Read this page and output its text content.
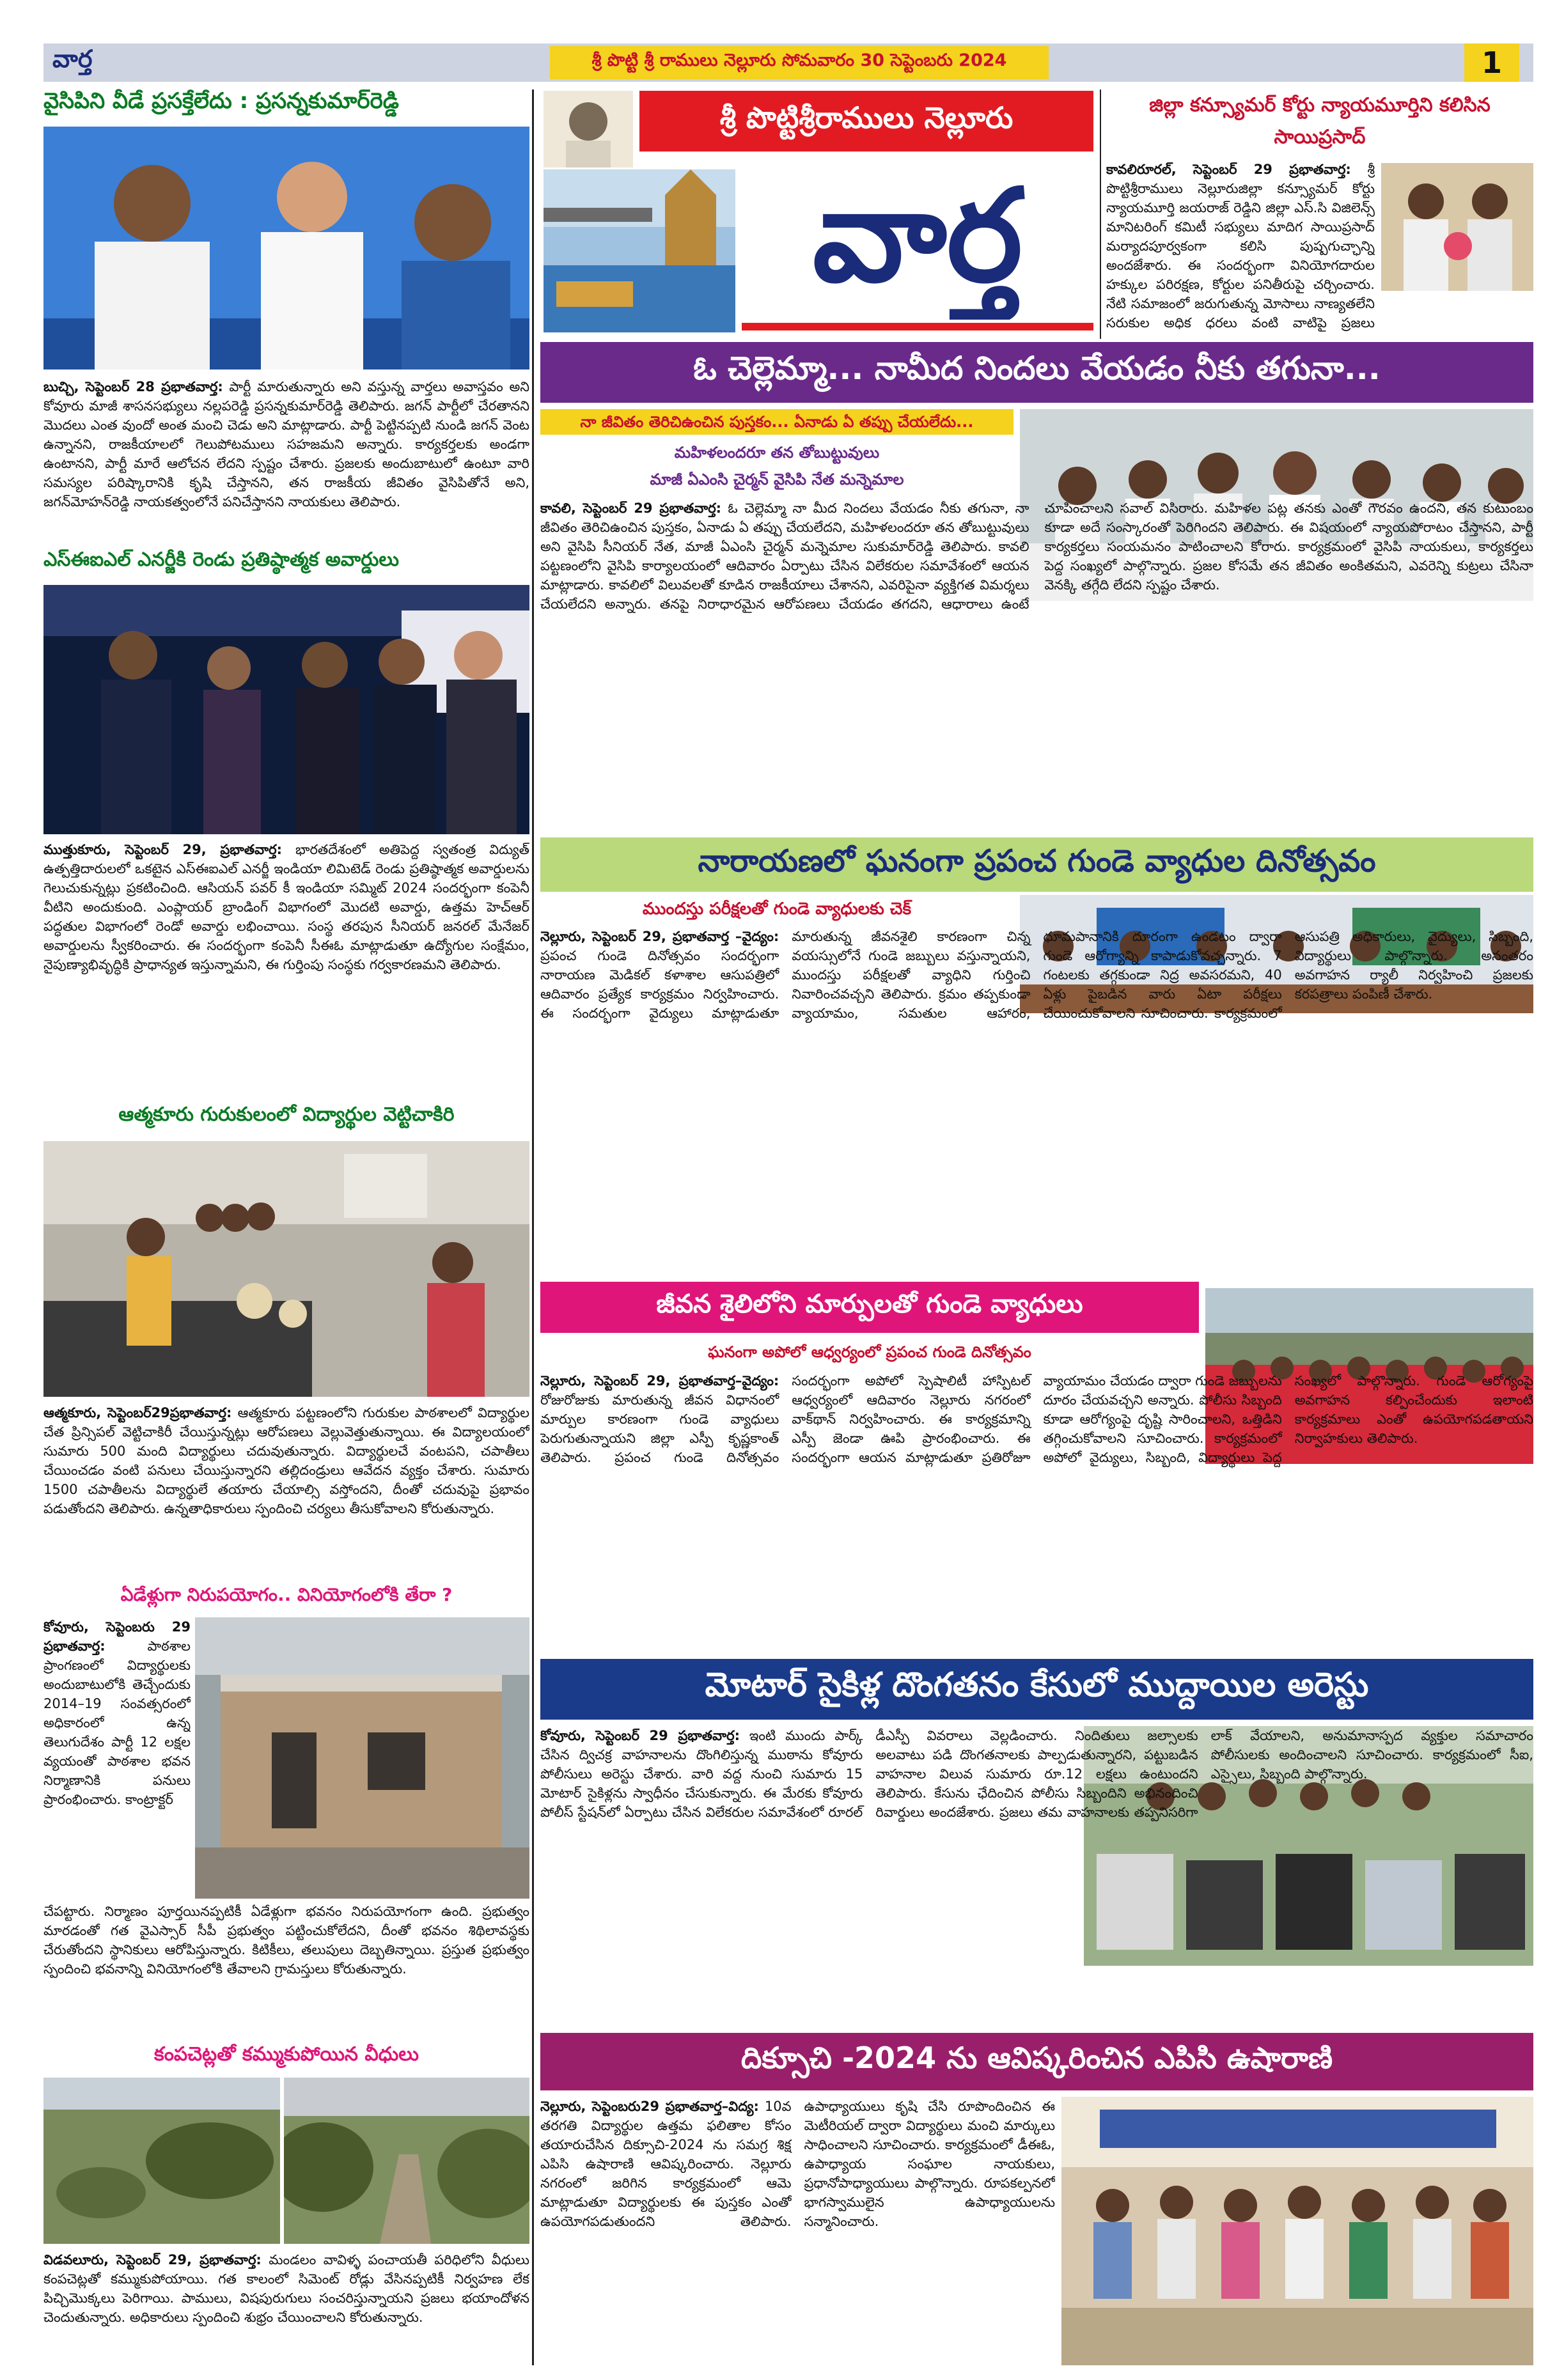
వార్త	శ్రీ పొట్టి శ్రీ రాములు నెల్లూరు సోమవారం 30 సెప్టెంబరు 2024	1
వైసిపిని వీడే ప్రసక్తేలేదు : ప్రసన్నకుమార్‌రెడ్డి
బుచ్చి, సెప్టెంబర్ 28 ప్రభాతవార్త: పార్టీ మారుతున్నారు అని వస్తున్న వార్తలు అవాస్తవం అని కోవూరు మాజీ శాసనసభ్యులు నల్లపరెడ్డి ప్రసన్నకుమార్‌రెడ్డి తెలిపారు. జగన్ పార్టీలో చేరతానని మొదలు ఎంత వుందో అంత మంచి చెడు అని మాట్లాడారు. పార్టీ పెట్టినప్పటి నుండి జగన్‌ వెంట ఉన్నానని, రాజకీయాలలో గెలుపోటములు సహజమని అన్నారు. కార్యకర్తలకు అండగా ఉంటానని, పార్టీ మారే ఆలోచన లేదని స్పష్టం చేశారు. ప్రజలకు అందుబాటులో ఉంటూ వారి సమస్యల పరిష్కారానికి కృషి చేస్తానని, తన రాజకీయ జీవితం వైసిపితోనే అని, జగన్‌మోహన్‌రెడ్డి నాయకత్వంలోనే పనిచేస్తానని నాయకులు తెలిపారు.
ఎస్‌ఈఐఎల్ ఎనర్జీకి రెండు ప్రతిష్ఠాత్మక అవార్డులు
ముత్తుకూరు, సెప్టెంబర్ 29, ప్రభాతవార్త: భారతదేశంలో అతిపెద్ద స్వతంత్ర విద్యుత్ ఉత్పత్తిదారులలో ఒకటైన ఎస్‌ఈఐఎల్ ఎనర్జీ ఇండియా లిమిటెడ్ రెండు ప్రతిష్ఠాత్మక అవార్డులను గెలుచుకున్నట్లు ప్రకటించింది. ఆసియన్ పవర్ కీ ఇండియా సమ్మిట్ 2024 సందర్భంగా కంపెనీ వీటిని అందుకుంది. ఎంప్లాయర్ బ్రాండింగ్ విభాగంలో మొదటి అవార్డు, ఉత్తమ హెచ్‌ఆర్ పద్ధతుల విభాగంలో రెండో అవార్డు లభించాయి. సంస్థ తరపున సీనియర్ జనరల్ మేనేజర్ అవార్డులను స్వీకరించారు. ఈ సందర్భంగా కంపెనీ సీఈఓ మాట్లాడుతూ ఉద్యోగుల సంక్షేమం, నైపుణ్యాభివృద్ధికి ప్రాధాన్యత ఇస్తున్నామని, ఈ గుర్తింపు సంస్థకు గర్వకారణమని తెలిపారు.
ఆత్మకూరు గురుకులంలో విద్యార్థుల వెట్టిచాకిరి
ఆత్మకూరు, సెప్టెంబర్29ప్రభాతవార్త: ఆత్మకూరు పట్టణంలోని గురుకుల పాఠశాలలో విద్యార్థుల చేత ప్రిన్సిపల్ వెట్టిచాకిరీ చేయిస్తున్నట్లు ఆరోపణలు వెల్లువెత్తుతున్నాయి. ఈ విద్యాలయంలో సుమారు 500 మంది విద్యార్థులు చదువుతున్నారు. విద్యార్థులచే వంటపని, చపాతీలు చేయించడం వంటి పనులు చేయిస్తున్నారని తల్లిదండ్రులు ఆవేదన వ్యక్తం చేశారు. సుమారు 1500 చపాతీలను విద్యార్థులే తయారు చేయాల్సి వస్తోందని, దీంతో చదువుపై ప్రభావం పడుతోందని తెలిపారు. ఉన్నతాధికారులు స్పందించి చర్యలు తీసుకోవాలని కోరుతున్నారు.
ఏడేళ్లుగా నిరుపయోగం.. వినియోగంలోకి తేరా ?
కోవూరు, సెప్టెంబరు 29 ప్రభాతవార్త:	పాఠశాల ప్రాంగణంలో విద్యార్థులకు అందుబాటులోకి తెచ్చేందుకు 2014–19 సంవత్సరంలో అధికారంలో ఉన్న తెలుగుదేశం పార్టీ 12 లక్షల వ్యయంతో పాఠశాల భవన నిర్మాణానికి పనులు ప్రారంభించారు. కాంట్రాక్టర్
చేపట్టారు. నిర్మాణం పూర్తయినప్పటికీ ఏడేళ్లుగా భవనం నిరుపయోగంగా ఉంది. ప్రభుత్వం మారడంతో గత వైఎస్సార్ సీపీ ప్రభుత్వం పట్టించుకోలేదని, దీంతో భవనం శిథిలావస్థకు చేరుతోందని స్థానికులు ఆరోపిస్తున్నారు. కిటికీలు, తలుపులు దెబ్బతిన్నాయి. ప్రస్తుత ప్రభుత్వం స్పందించి భవనాన్ని వినియోగంలోకి తేవాలని గ్రామస్తులు కోరుతున్నారు.
కంపచెట్లతో కమ్ముకుపోయిన వీధులు
విడవలూరు, సెప్టెంబర్ 29, ప్రభాతవార్త: మండలం వావిళ్ళ పంచాయతీ పరిధిలోని వీధులు కంపచెట్లతో కమ్ముకుపోయాయి. గత కాలంలో సిమెంట్ రోడ్లు వేసినప్పటికీ నిర్వహణ లేక పిచ్చిమొక్కలు పెరిగాయి. పాములు, విషపురుగులు సంచరిస్తున్నాయని ప్రజలు భయాందోళన చెందుతున్నారు. అధికారులు స్పందించి శుభ్రం చేయించాలని కోరుతున్నారు.
శ్రీ పొట్టిశ్రీరాములు నెల్లూరు
వార్త
జిల్లా కన్స్యూమర్ కోర్టు న్యాయమూర్తిని కలిసిన సాయిప్రసాద్
కావలిరూరల్, సెప్టెంబర్ 29 ప్రభాతవార్త: శ్రీ పొట్టిశ్రీరాములు నెల్లూరుజిల్లా కన్స్యూమర్ కోర్టు న్యాయమూర్తి జయరాజ్ రెడ్డిని జిల్లా ఎస్.సి విజిలెన్స్ మానిటరింగ్ కమిటీ సభ్యులు మాదిగ సాయిప్రసాద్ మర్యాదపూర్వకంగా కలిసి పుష్పగుచ్ఛాన్ని అందజేశారు. ఈ సందర్భంగా వినియోగదారుల హక్కుల పరిరక్షణ, కోర్టుల పనితీరుపై చర్చించారు. నేటి సమాజంలో జరుగుతున్న మోసాలు నాణ్యతలేని సరుకుల అధిక ధరలు వంటి వాటిపై ప్రజలు
ఓ చెల్లెమ్మా... నామీద నిందలు వేయడం నీకు తగునా...
నా జీవితం తెరిచిఉంచిన పుస్తకం... ఏనాడు ఏ తప్పు చేయలేదు...
మహిళలందరూ తన తోబుట్టువులు
మాజీ ఏఎంసి చైర్మన్ వైసిపి నేత మన్నెమాల
కావలి, సెప్టెంబర్ 29 ప్రభాతవార్త: ఓ చెల్లెమ్మా నా మీద నిందలు వేయడం నీకు తగునా, నా జీవితం తెరిచిఉంచిన పుస్తకం, ఏనాడు ఏ తప్పు చేయలేదని, మహిళలందరూ తన తోబుట్టువులు అని వైసిపి సీనియర్ నేత, మాజీ ఏఎంసి చైర్మన్ మన్నెమాల సుకుమార్‌రెడ్డి తెలిపారు. కావలి పట్టణంలోని వైసిపి కార్యాలయంలో ఆదివారం ఏర్పాటు చేసిన విలేకరుల సమావేశంలో ఆయన మాట్లాడారు. కావలిలో విలువలతో కూడిన రాజకీయాలు చేశానని, ఎవరిపైనా వ్యక్తిగత విమర్శలు చేయలేదని అన్నారు. తనపై నిరాధారమైన ఆరోపణలు చేయడం తగదని, ఆధారాలు ఉంటే చూపించాలని సవాల్ విసిరారు. మహిళల పట్ల తనకు ఎంతో గౌరవం ఉందని, తన కుటుంబం కూడా అదే సంస్కారంతో పెరిగిందని తెలిపారు. ఈ విషయంలో న్యాయపోరాటం చేస్తానని, పార్టీ కార్యకర్తలు సంయమనం పాటించాలని కోరారు. కార్యక్రమంలో వైసిపి నాయకులు, కార్యకర్తలు పెద్ద సంఖ్యలో పాల్గొన్నారు. ప్రజల కోసమే తన జీవితం అంకితమని, ఎవరెన్ని కుట్రలు చేసినా వెనక్కి తగ్గేది లేదని స్పష్టం చేశారు.
నారాయణలో ఘనంగా ప్రపంచ గుండె వ్యాధుల దినోత్సవం
ముందస్తు పరీక్షలతో గుండె వ్యాధులకు చెక్
నెల్లూరు, సెప్టెంబర్ 29, ప్రభాతవార్త –వైద్యం: ప్రపంచ గుండె దినోత్సవం సందర్భంగా నారాయణ మెడికల్ కళాశాల ఆసుపత్రిలో ఆదివారం ప్రత్యేక కార్యక్రమం నిర్వహించారు. ఈ సందర్భంగా వైద్యులు మాట్లాడుతూ మారుతున్న జీవనశైలి కారణంగా చిన్న వయస్సులోనే గుండె జబ్బులు వస్తున్నాయని, ముందస్తు పరీక్షలతో వ్యాధిని గుర్తించి నివారించవచ్చని తెలిపారు. క్రమం తప్పకుండా వ్యాయామం, సమతుల ఆహారం, ధూమపానానికి దూరంగా ఉండటం ద్వారా గుండె ఆరోగ్యాన్ని కాపాడుకోవచ్చన్నారు. 7 గంటలకు తగ్గకుండా నిద్ర అవసరమని, 40 ఏళ్లు పైబడిన వారు ఏటా పరీక్షలు చేయించుకోవాలని సూచించారు. కార్యక్రమంలో ఆసుపత్రి అధికారులు, వైద్యులు, సిబ్బంది, విద్యార్థులు పాల్గొన్నారు. అనంతరం అవగాహన ర్యాలీ నిర్వహించి ప్రజలకు కరపత్రాలు పంపిణీ చేశారు.
జీవన శైలిలోని మార్పులతో గుండె వ్యాధులు
ఘనంగా అపోలో ఆధ్వర్యంలో ప్రపంచ గుండె దినోత్సవం
నెల్లూరు, సెప్టెంబర్ 29, ప్రభాతవార్త–వైద్యం: రోజురోజుకు మారుతున్న జీవన విధానంలో మార్పుల కారణంగా గుండె వ్యాధులు పెరుగుతున్నాయని జిల్లా ఎస్పీ కృష్ణకాంత్ తెలిపారు. ప్రపంచ గుండె దినోత్సవం సందర్భంగా అపోలో స్పెషాలిటీ హాస్పిటల్ ఆధ్వర్యంలో ఆదివారం నెల్లూరు నగరంలో వాక్‌థాన్ నిర్వహించారు. ఈ కార్యక్రమాన్ని ఎస్పీ జెండా ఊపి ప్రారంభించారు. ఈ సందర్భంగా ఆయన మాట్లాడుతూ ప్రతిరోజూ వ్యాయామం చేయడం ద్వారా గుండె జబ్బులను దూరం చేయవచ్చని అన్నారు. పోలీసు సిబ్బంది కూడా ఆరోగ్యంపై దృష్టి సారించాలని, ఒత్తిడిని తగ్గించుకోవాలని సూచించారు. కార్యక్రమంలో అపోలో వైద్యులు, సిబ్బంది, విద్యార్థులు పెద్ద సంఖ్యలో పాల్గొన్నారు. గుండె ఆరోగ్యంపై అవగాహన కల్పించేందుకు ఇలాంటి కార్యక్రమాలు ఎంతో ఉపయోగపడతాయని నిర్వాహకులు తెలిపారు.
మోటార్ సైకిళ్ల దొంగతనం కేసులో ముద్దాయిల అరెస్టు
కోవూరు, సెప్టెంబర్ 29 ప్రభాతవార్త: ఇంటి ముందు పార్క్ చేసిన ద్విచక్ర వాహనాలను దొంగిలిస్తున్న ముఠాను కోవూరు పోలీసులు అరెస్టు చేశారు. వారి వద్ద నుంచి సుమారు 15 మోటార్ సైకిళ్లను స్వాధీనం చేసుకున్నారు. ఈ మేరకు కోవూరు పోలీస్ స్టేషన్‌లో ఏర్పాటు చేసిన విలేకరుల సమావేశంలో రూరల్ డీఎస్పీ వివరాలు వెల్లడించారు. నిందితులు జల్సాలకు అలవాటు పడి దొంగతనాలకు పాల్పడుతున్నారని, పట్టుబడిన వాహనాల విలువ సుమారు రూ.12 లక్షలు ఉంటుందని తెలిపారు. కేసును ఛేదించిన పోలీసు సిబ్బందిని అభినందించి రివార్డులు అందజేశారు. ప్రజలు తమ వాహనాలకు తప్పనిసరిగా లాక్ వేయాలని, అనుమానాస్పద వ్యక్తుల సమాచారం పోలీసులకు అందించాలని సూచించారు. కార్యక్రమంలో సీఐ, ఎస్సైలు, సిబ్బంది పాల్గొన్నారు.
దిక్సూచి -2024 ను ఆవిష్కరించిన ఎపిసి ఉషారాణి
నెల్లూరు, సెప్టెంబరు29 ప్రభాతవార్త–విద్య: 10వ తరగతి విద్యార్థుల ఉత్తమ ఫలితాల కోసం తయారుచేసిన దిక్సూచి-2024 ను సమగ్ర శిక్ష ఎపిసి ఉషారాణి ఆవిష్కరించారు. నెల్లూరు నగరంలో జరిగిన కార్యక్రమంలో ఆమె మాట్లాడుతూ విద్యార్థులకు ఈ పుస్తకం ఎంతో ఉపయోగపడుతుందని తెలిపారు. ఉపాధ్యాయులు కృషి చేసి రూపొందించిన ఈ మెటీరియల్ ద్వారా విద్యార్థులు మంచి మార్కులు సాధించాలని సూచించారు. కార్యక్రమంలో డీఈఓ, ఉపాధ్యాయ సంఘాల నాయకులు, ప్రధానోపాధ్యాయులు పాల్గొన్నారు. రూపకల్పనలో భాగస్వాములైన ఉపాధ్యాయులను సన్మానించారు.
